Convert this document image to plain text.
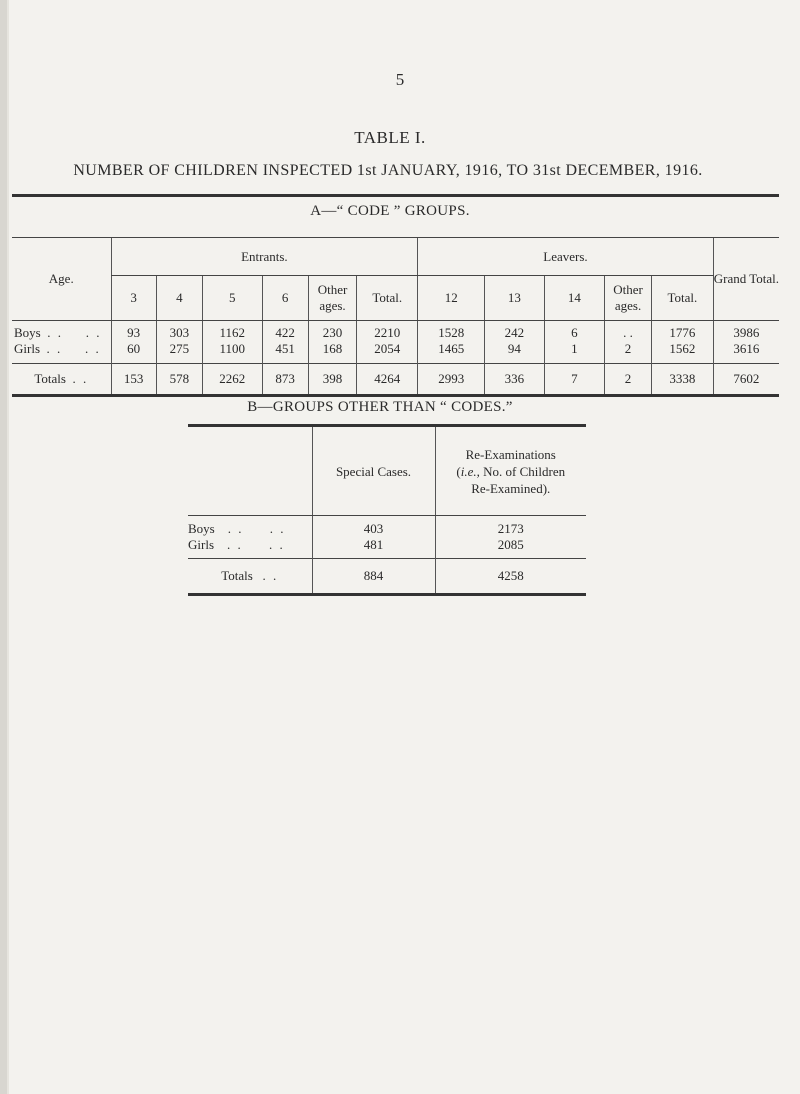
5
TABLE I.
NUMBER OF CHILDREN INSPECTED 1st JANUARY, 1916, TO 31st DECEMBER, 1916.
A—“ CODE ” GROUPS.
Age.	Entrants.						Leavers.					Grand Total.
	3	4	5	6	Other ages.	Total.	12	13	14	Other ages.	Total.	
Boys . . . .	93	303	1162	422	230	2210	1528	242	6	. .	1776	3986
Girls . . . .	60	275	1100	451	168	2054	1465	94	1	2	1562	3616
Totals . .	153	578	2262	873	398	4264	2993	336	7	2	3338	7602
B—GROUPS OTHER THAN “ CODES.”
	Special Cases.	Re-Examinations
(i.e., No. of Children
Re-Examined).
Boys . .     . .	403	2173
Girls . .     . .	481	2085
Totals . .	884	4258
